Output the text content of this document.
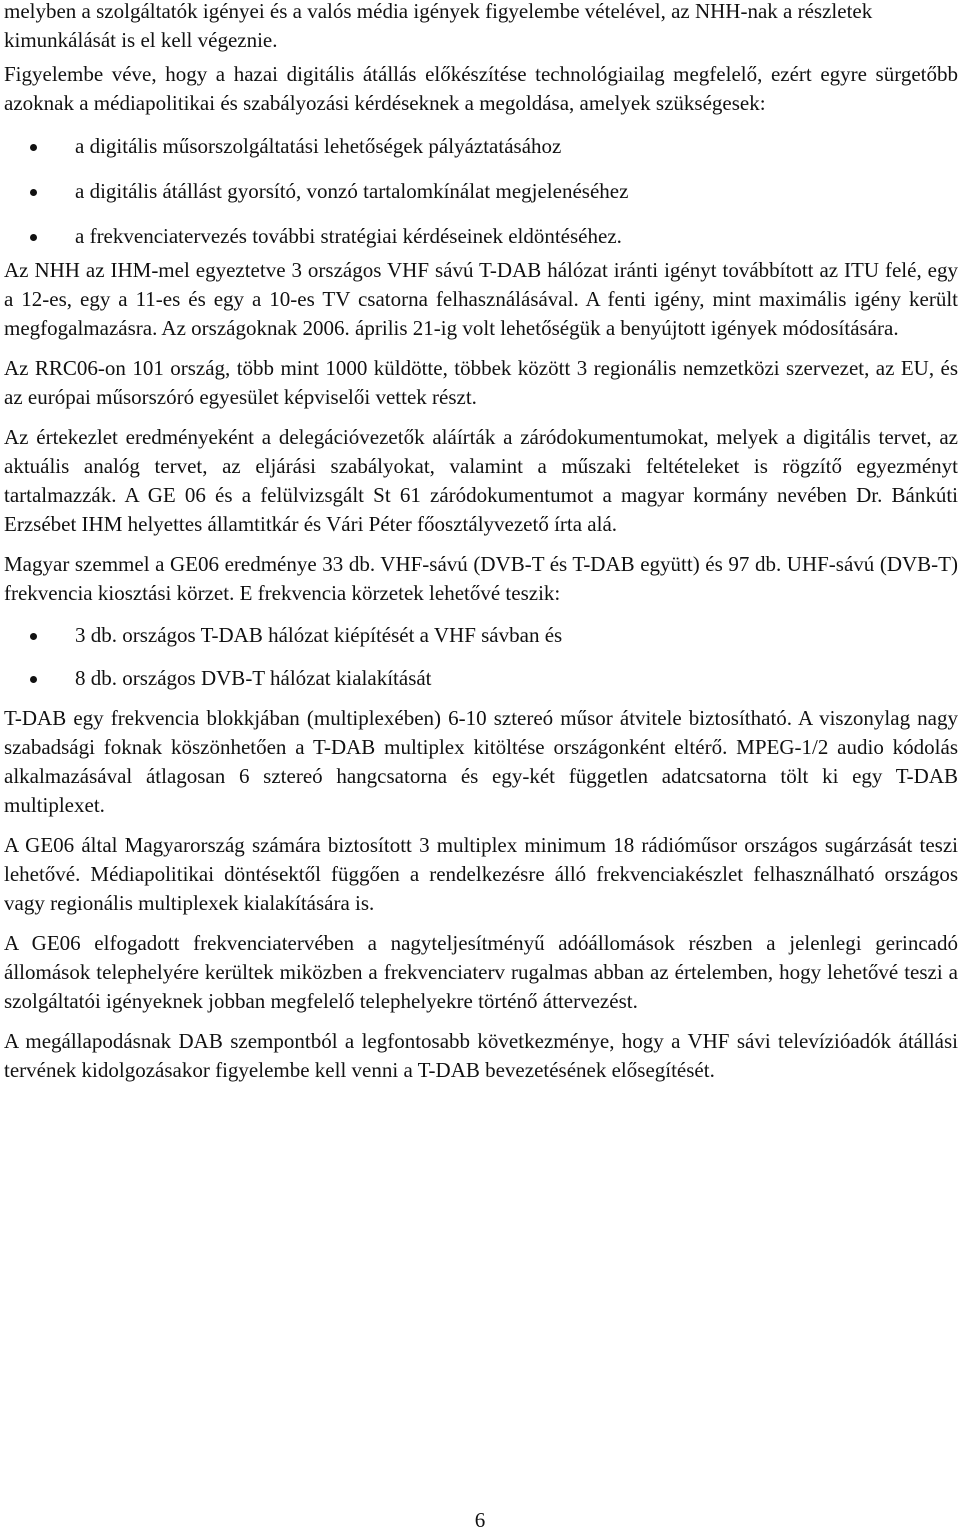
melyben a szolgáltatók igényei és a valós média igények figyelembe vételével, az NHH-nak a részletek kimunkálását is el kell végeznie.

Figyelembe véve, hogy a hazai digitális átállás előkészítése technológiailag megfelelő, ezért egyre sürgetőbb azoknak a médiapolitikai és szabályozási kérdéseknek a megoldása, amelyek szükségesek:

a digitális műsorszolgáltatási lehetőségek pályáztatásához
a digitális átállást gyorsító, vonzó tartalomkínálat megjelenéséhez
a frekvenciatervezés további stratégiai kérdéseinek eldöntéséhez.

Az NHH az IHM-mel egyeztetve 3 országos VHF sávú T-DAB hálózat iránti igényt továbbított az ITU felé, egy a 12-es, egy a 11-es és egy a 10-es TV csatorna felhasználásával. A fenti igény, mint maximális igény került megfogalmazásra. Az országoknak 2006. április 21-ig volt lehetőségük a benyújtott igények módosítására.

Az RRC06-on 101 ország, több mint 1000 küldötte, többek között 3 regionális nemzetközi szervezet, az EU, és az európai műsorszóró egyesület képviselői vettek részt.

Az értekezlet eredményeként a delegációvezetők aláírták a záródokumentumokat, melyek a digitális tervet, az aktuális analóg tervet, az eljárási szabályokat, valamint a műszaki feltételeket is rögzítő egyezményt tartalmazzák. A GE 06 és a felülvizsgált St 61 záródokumentumot a magyar kormány nevében Dr. Bánkúti Erzsébet IHM helyettes államtitkár és Vári Péter főosztályvezető írta alá.

Magyar szemmel a GE06 eredménye 33 db. VHF-sávú (DVB-T és T-DAB együtt) és 97 db. UHF-sávú (DVB-T) frekvencia kiosztási körzet. E frekvencia körzetek lehetővé teszik:

3 db. országos T-DAB hálózat kiépítését a VHF sávban és
8 db. országos DVB-T hálózat kialakítását

T-DAB egy frekvencia blokkjában (multiplexében) 6-10 sztereó műsor átvitele biztosítható. A viszonylag nagy szabadsági foknak köszönhetően a T-DAB multiplex kitöltése országonként eltérő. MPEG-1/2 audio kódolás alkalmazásával átlagosan 6 sztereó hangcsatorna és egy-két független adatcsatorna tölt ki egy T-DAB multiplexet.

A GE06 által Magyarország számára biztosított 3 multiplex minimum 18 rádióműsor országos sugárzását teszi lehetővé. Médiapolitikai döntésektől függően a rendelkezésre álló frekvenciakészlet felhasználható országos vagy regionális multiplexek kialakítására is.

A GE06 elfogadott frekvenciatervében a nagyteljesítményű adóállomások részben a jelenlegi gerincadó állomások telephelyére kerültek miközben a frekvenciaterv rugalmas abban az értelemben, hogy lehetővé teszi a szolgáltatói igényeknek jobban megfelelő telephelyekre történő áttervezést.

A megállapodásnak DAB szempontból a legfontosabb következménye, hogy a VHF sávi televízióadók átállási tervének kidolgozásakor figyelembe kell venni a T-DAB bevezetésének elősegítését.

6
